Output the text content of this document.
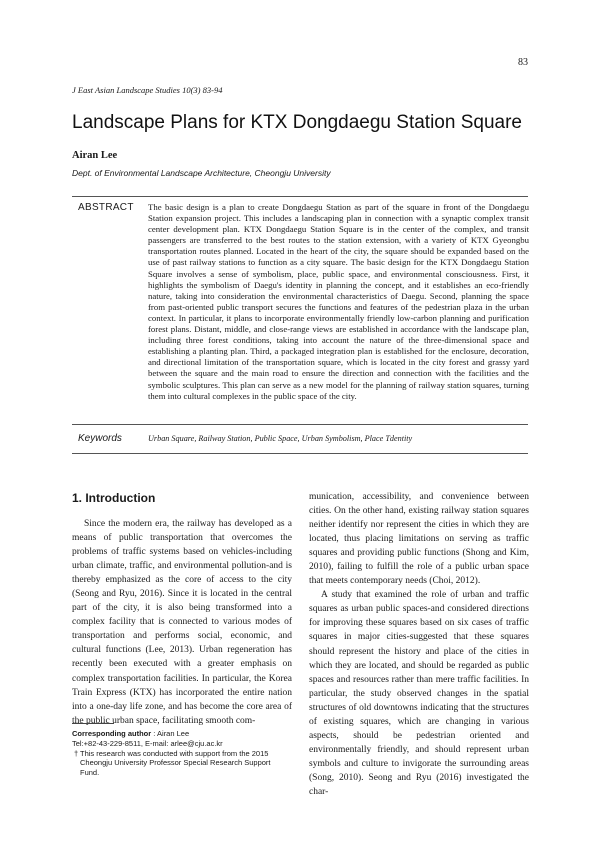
83
J East Asian Landscape Studies 10(3) 83-94
Landscape Plans for KTX Dongdaegu Station Square
Airan Lee
Dept. of Environmental Landscape Architecture, Cheongju University
ABSTRACT The basic design is a plan to create Dongdaegu Station as part of the square in front of the Dongdaegu Station expansion project. This includes a landscaping plan in connection with a synaptic complex transit center development plan. KTX Dongdaegu Station Square is in the center of the complex, and transit passengers are transferred to the best routes to the station extension, with a variety of KTX Gyeongbu transportation routes planned. Located in the heart of the city, the square should be expanded based on the use of past railway stations to function as a city square. The basic design for the KTX Dongdaegu Station Square involves a sense of symbolism, place, public space, and environmental consciousness. First, it highlights the symbolism of Daegu's identity in planning the concept, and it establishes an eco-friendly nature, taking into consideration the environmental characteristics of Daegu. Second, planning the space from past-oriented public transport secures the functions and features of the pedestrian plaza in the urban context. In particular, it plans to incorporate environmentally friendly low-carbon planning and purification forest plans. Distant, middle, and close-range views are established in accordance with the landscape plan, including three forest conditions, taking into account the nature of the three-dimensional space and establishing a planting plan. Third, a packaged integration plan is established for the enclosure, decoration, and directional limitation of the transportation square, which is located in the city forest and grassy yard between the square and the main road to ensure the direction and connection with the facilities and the symbolic sculptures. This plan can serve as a new model for the planning of railway station squares, turning them into cultural complexes in the public space of the city.
Keywords	Urban Square, Railway Station, Public Space, Urban Symbolism, Place Tdentity
1. Introduction

Since the modern era, the railway has developed as a means of public transportation that overcomes the problems of traffic systems based on vehicles-including urban climate, traffic, and environmental pollution-and is thereby emphasized as the core of access to the city (Seong and Ryu, 2016). Since it is located in the central part of the city, it is also being transformed into a complex facility that is connected to various modes of transportation and performs social, economic, and cultural functions (Lee, 2013). Urban regeneration has recently been executed with a greater emphasis on complex transportation facilities. In particular, the Korea Train Express (KTX) has incorporated the entire nation into a one-day life zone, and has become the core area of the public urban space, facilitating smooth com-

munication, accessibility, and convenience between cities. On the other hand, existing railway station squares neither identify nor represent the cities in which they are located, thus placing limitations on serving as traffic squares and providing public functions (Shong and Kim, 2010), failing to fulfill the role of a public urban space that meets contemporary needs (Choi, 2012).

A study that examined the role of urban and traffic squares as urban public spaces-and considered directions for improving these squares based on six cases of traffic squares in major cities-suggested that these squares should represent the history and place of the cities in which they are located, and should be regarded as public spaces and resources rather than mere traffic facilities. In particular, the study observed changes in the spatial structures of old downtowns indicating that the structures of existing squares, which are changing in various aspects, should be pedestrian oriented and environmentally friendly, and should represent urban symbols and culture to invigorate the surrounding areas (Song, 2010). Seong and Ryu (2016) investigated the char-

Corresponding author : Airan Lee
Tel:+82-43-229-8511, E-mail: arlee@cju.ac.kr
† This research was conducted with support from the 2015 Cheongju University Professor Special Research Support Fund.
